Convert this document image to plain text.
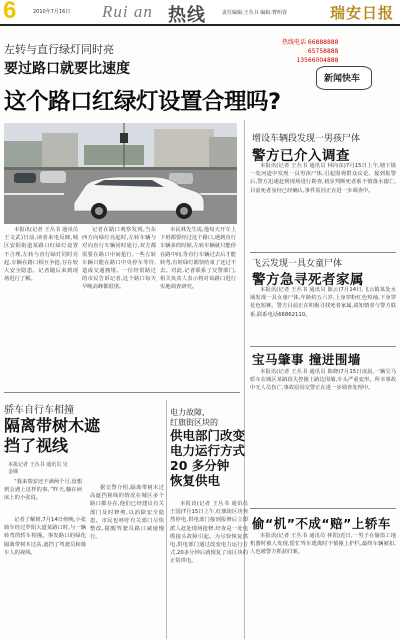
6	2010年7月16日 Rui an 热线	责任编辑:王丛书 编辑:曹明春	瑞安日报
左转与直行绿灯同时亮
要过路口就要比速度
这个路口红绿灯设置合理吗?
热线电话 66888888
65758888
13566004888
新闻快车

本报讯(记者 王丛书 通讯员 王文武)日前,读者来电反映,城区安阳街道某路口红绿灯设置不合理,左转与直行绿灯同时亮起,车辆在路口相互争抢,存在较大安全隐患。记者随后来到现场进行了解。

记者在路口观察发现,当东西方向绿灯亮起时,左转车辆与对向直行车辆同时通行,双方都需要在路口中间抢行,一些左转车辆只能在路口中央停车等待,造成交通拥堵。一位经常路过的市民告诉记者,这个路口每天早晚高峰都很堵。

市民林先生说,他每天开车上下班都要经过这个路口,遇到直行车辆多的时候,左转车辆就只能停在路中间,等直行车辆过去后才能转弯,有时绿灯都快结束了还过不去。对此,记者联系了交警部门,相关负责人表示将对该路口进行实地调查研究。

增设车辆段发现一男孩尸体
警方已介入调查

本报讯(记者 王丛书 通讯员 林向东)7月15日上午,塘下镇一处河道中发现一具男孩尸体,引起围观群众议论。接到报警后,警方迅速赶到现场进行勘查,初步判断死者系不慎落水溺亡,目前死者身份已经确认,事件原因正在进一步调查中。

飞云发现一具女童尸体
警方急寻死者家属

本报讯(记者 王丛书 通讯员 陈云)7月14日,飞云镇某处水域发现一具女童尸体,年龄约五六岁,上身穿粉红色短袖,下身穿花色短裤。警方目前正在积极寻找死者家属,请知情者与警方联系,联系电话66862110。

宝马肇事 撞进围墙

本报讯(记者 王丛书 通讯员 陈晓)7月15日凌晨,一辆宝马轿车在城区某路段失控撞上路边围墙,车头严重变形。所幸事故中无人员伤亡,事故原因交警正在进一步调查处理中。

偷“机”不成“赔”上轿车

本报讯(记者 王丛书 通讯员 林阳)近日,一男子在偷盗工地机器时被人发现,慌忙驾车逃离时不慎撞上护栏,最终车辆被扣,人也被警方抓获归案。

骄车自行车相撞
隔离带树木遮挡了视线
本报记者 王丛书 通讯员 吴金娣

“我来瑞安还不满两个月,没想到会遇上这样的事。”昨天,躺在病床上的小张说。

记者了解到,7月14日傍晚,小张骑车经过罗阳大道某路口时,与一辆转弯的轿车相撞。事发路口的绿化隔离带树木过高,遮挡了驾驶员和骑车人的视线。

据交警介绍,隔离带树木过高遮挡视线的情况在城区多个路口都存在,他们已经建议有关部门及时修剪,以消除安全隐患。市民也呼吁有关部门尽快整改,提醒驾驶员路口减速慢行。

电力故障,
红旗街区块的
供电部门改变
电力运行方式
20 多分钟
恢复供电

本报讯(记者 王丛书 通讯员 王国)7月15日上午,红旗街区块突然停电,供电部门接到报修后立即派人赶赴现场抢修,经查是一处电缆接头故障引起。为尽快恢复供电,供电部门通过改变电力运行方式,20多分钟后就恢复了该区块的正常供电。
